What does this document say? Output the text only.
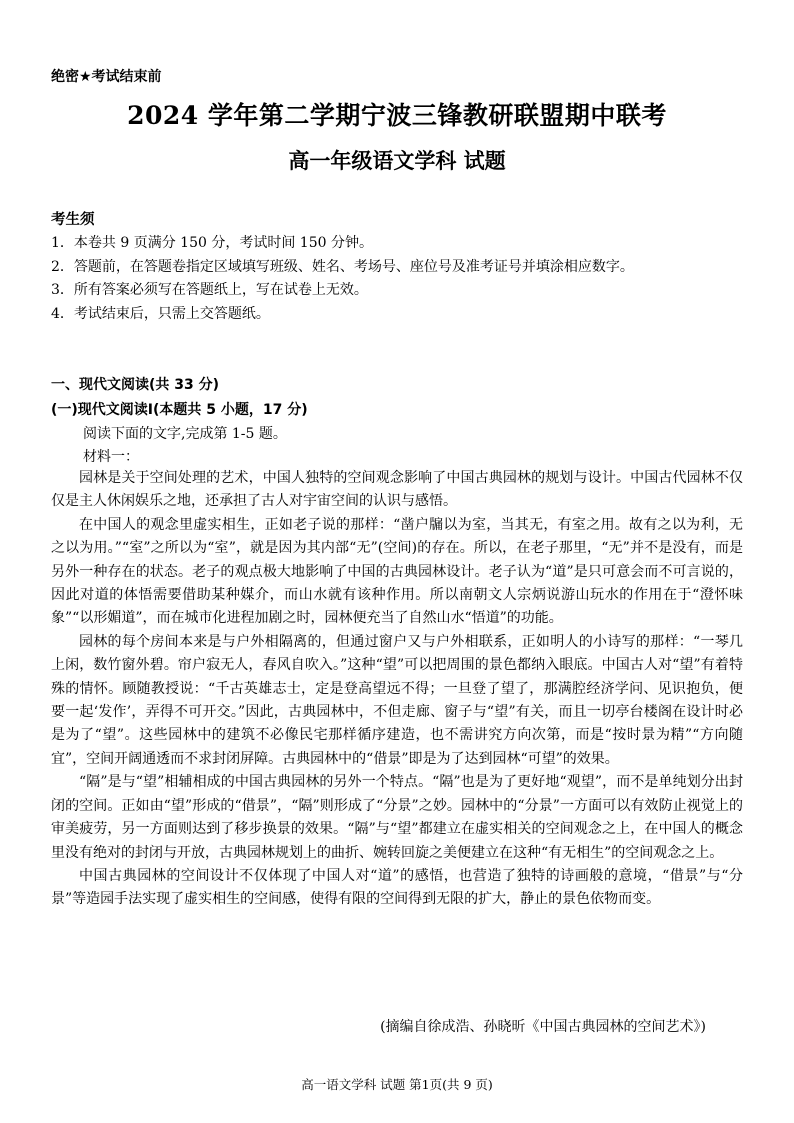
绝密★考试结束前
2024 学年第二学期宁波三锋教研联盟期中联考
高一年级语文学科 试题
考生须
1．本卷共 9 页满分 150 分，考试时间 150 分钟。
2．答题前，在答题卷指定区域填写班级、姓名、考场号、座位号及准考证号并填涂相应数字。
3．所有答案必须写在答题纸上，写在试卷上无效。
4．考试结束后，只需上交答题纸。
一、现代文阅读(共 33 分)
(一)现代文阅读Ⅰ(本题共 5 小题，17 分)
阅读下面的文字,完成第 1-5 题。
材料一：

园林是关于空间处理的艺术，中国人独特的空间观念影响了中国古典园林的规划与设计。中国古代园林不仅仅是主人休闲娱乐之地，还承担了古人对宇宙空间的认识与感悟。

在中国人的观念里虚实相生，正如老子说的那样：“凿户牖以为室，当其无，有室之用。故有之以为利，无之以为用。”“室”之所以为“室”，就是因为其内部“无”(空间)的存在。所以，在老子那里，“无”并不是没有，而是另外一种存在的状态。老子的观点极大地影响了中国的古典园林设计。老子认为“道”是只可意会而不可言说的，因此对道的体悟需要借助某种媒介，而山水就有该种作用。所以南朝文人宗炳说游山玩水的作用在于“澄怀味象”“以形媚道”，而在城市化进程加剧之时，园林便充当了自然山水“悟道”的功能。

园林的每个房间本来是与户外相隔离的，但通过窗户又与户外相联系，正如明人的小诗写的那样：“一琴几上闲，数竹窗外碧。帘户寂无人，春风自吹入。”这种“望”可以把周围的景色都纳入眼底。中国古人对“望”有着特殊的情怀。顾随教授说：“千古英雄志士，定是登高望远不得；一旦登了望了，那满腔经济学问、见识抱负，便要一起‘发作’，弄得不可开交。”因此，古典园林中，不但走廊、窗子与“望”有关，而且一切亭台楼阁在设计时必是为了“望”。这些园林中的建筑不必像民宅那样循序建造，也不需讲究方向次第，而是“按时景为精”“方向随宜”，空间开阔通透而不求封闭屏障。古典园林中的“借景”即是为了达到园林“可望”的效果。

“隔”是与“望”相辅相成的中国古典园林的另外一个特点。“隔”也是为了更好地“观望”，而不是单纯划分出封闭的空间。正如由“望”形成的“借景”，“隔”则形成了“分景”之妙。园林中的“分景”一方面可以有效防止视觉上的审美疲劳，另一方面则达到了移步换景的效果。“隔”与“望”都建立在虚实相关的空间观念之上，在中国人的概念里没有绝对的封闭与开放，古典园林规划上的曲折、婉转回旋之美便建立在这种“有无相生”的空间观念之上。

中国古典园林的空间设计不仅体现了中国人对“道”的感悟，也营造了独特的诗画般的意境，“借景”与“分景”等造园手法实现了虚实相生的空间感，使得有限的空间得到无限的扩大，静止的景色依物而变。

(摘编自徐成浩、孙晓昕《中国古典园林的空间艺术》)
高一语文学科 试题 第1页(共 9 页)
